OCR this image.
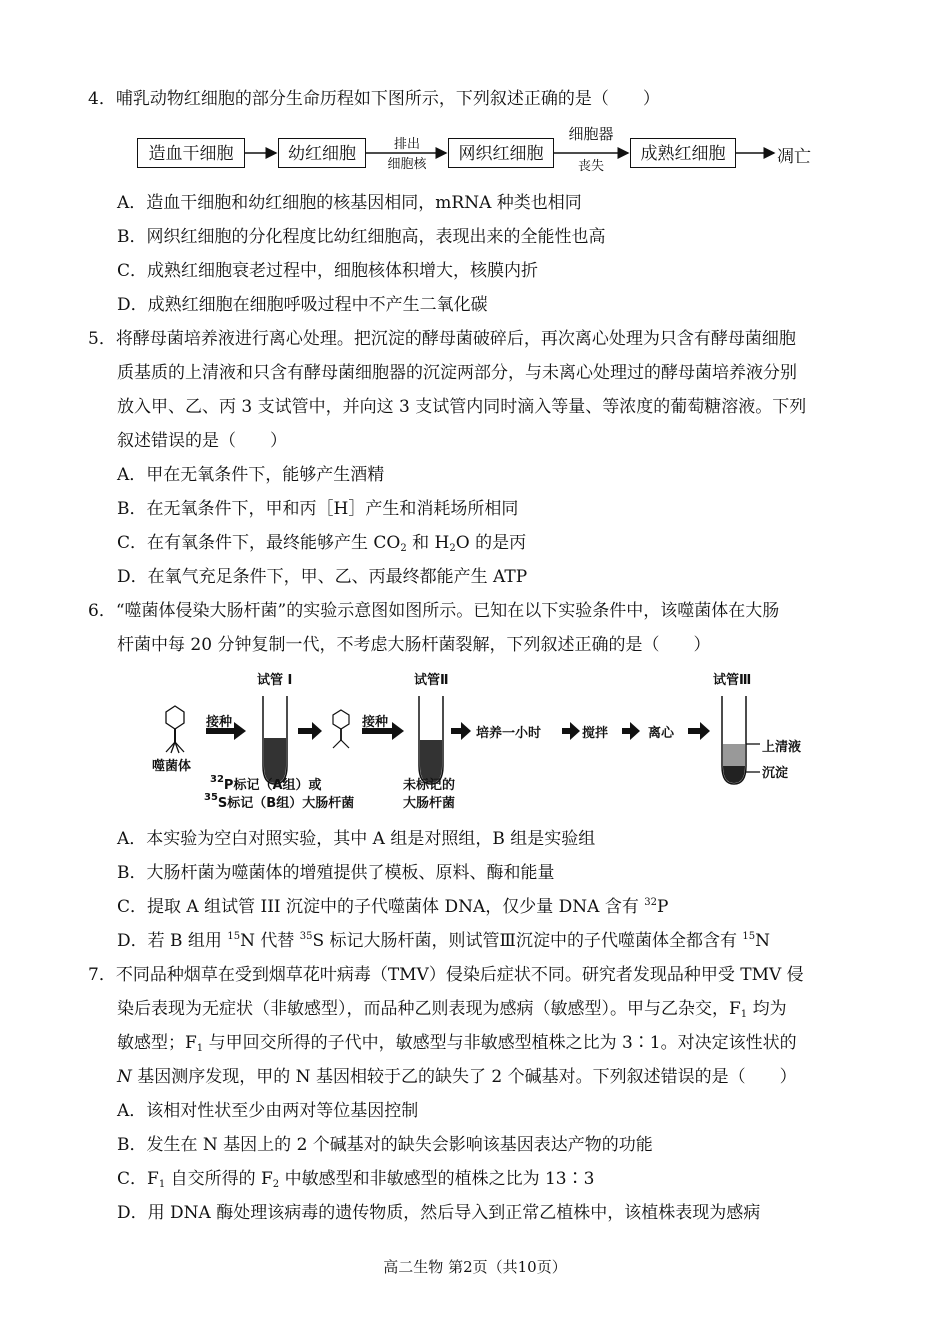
4．哺乳动物红细胞的部分生命历程如下图所示，下列叙述正确的是（　　）
造血干细胞	幼红细胞	网织红细胞	成熟红细胞
排出
细胞核
细胞器
丧失	凋亡
A．造血干细胞和幼红细胞的核基因相同，mRNA 种类也相同
B．网织红细胞的分化程度比幼红细胞高，表现出来的全能性也高
C．成熟红细胞衰老过程中，细胞核体积增大，核膜内折
D．成熟红细胞在细胞呼吸过程中不产生二氧化碳
5．将酵母菌培养液进行离心处理。把沉淀的酵母菌破碎后，再次离心处理为只含有酵母菌细胞
质基质的上清液和只含有酵母菌细胞器的沉淀两部分，与未离心处理过的酵母菌培养液分别
放入甲、乙、丙 3 支试管中，并向这 3 支试管内同时滴入等量、等浓度的葡萄糖溶液。下列
叙述错误的是（　　）
A．甲在无氧条件下，能够产生酒精
B．在无氧条件下，甲和丙［H］产生和消耗场所相同
C．在有氧条件下，最终能够产生 $CO_2$ 和 $H_2O$ 的是丙
D．在氧气充足条件下，甲、乙、丙最终都能产生 ATP
6．“噬菌体侵染大肠杆菌”的实验示意图如图所示。已知在以下实验条件中，该噬菌体在大肠
杆菌中每 20 分钟复制一代，不考虑大肠杆菌裂解，下列叙述正确的是（　　）
试管 I	试管Ⅱ	试管Ⅲ
接种	接种
噬菌体
$^{32}$P标记（A组）或
$^{35}$S标记（B组）大肠杆菌
未标记的
大肠杆菌
培养一小时	搅拌	离心
上清液
沉淀
A．本实验为空白对照实验，其中 A 组是对照组，B 组是实验组
B．大肠杆菌为噬菌体的增殖提供了模板、原料、酶和能量
C．提取 A 组试管 III 沉淀中的子代噬菌体 DNA，仅少量 DNA 含有 $^{32}$P
D．若 B 组用 $^{15}$N 代替 $^{35}$S 标记大肠杆菌，则试管Ⅲ沉淀中的子代噬菌体全都含有 $^{15}$N
7．不同品种烟草在受到烟草花叶病毒（TMV）侵染后症状不同。研究者发现品种甲受 TMV 侵
染后表现为无症状（非敏感型），而品种乙则表现为感病（敏感型）。甲与乙杂交，$F_1$ 均为
敏感型；$F_1$ 与甲回交所得的子代中，敏感型与非敏感型植株之比为 3∶1。对决定该性状的
N 基因测序发现，甲的 N 基因相较于乙的缺失了 2 个碱基对。下列叙述错误的是（　　）
A．该相对性状至少由两对等位基因控制
B．发生在 N 基因上的 2 个碱基对的缺失会影响该基因表达产物的功能
C．$F_1$ 自交所得的 $F_2$ 中敏感型和非敏感型的植株之比为 13∶3
D．用 DNA 酶处理该病毒的遗传物质，然后导入到正常乙植株中，该植株表现为感病
高二生物 第2页（共10页）
